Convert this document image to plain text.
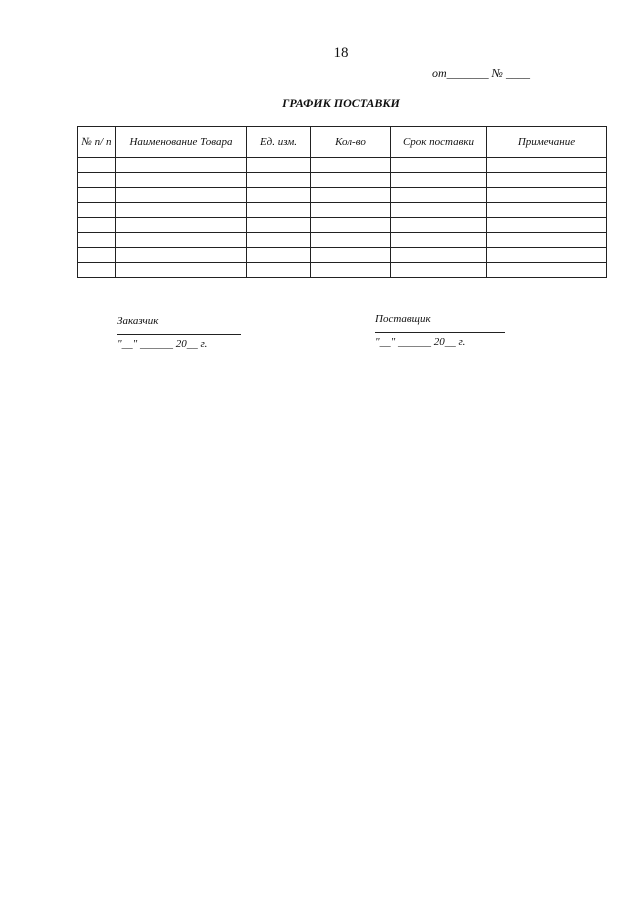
18
от_______ № ____
ГРАФИК ПОСТАВКИ
№ п/ п	Наименование Товара	Ед. изм.	Кол-во	Срок поставки	Примечание

Заказчик
"__" ______ 20__ г.
Поставщик
"__" ______ 20__ г.
